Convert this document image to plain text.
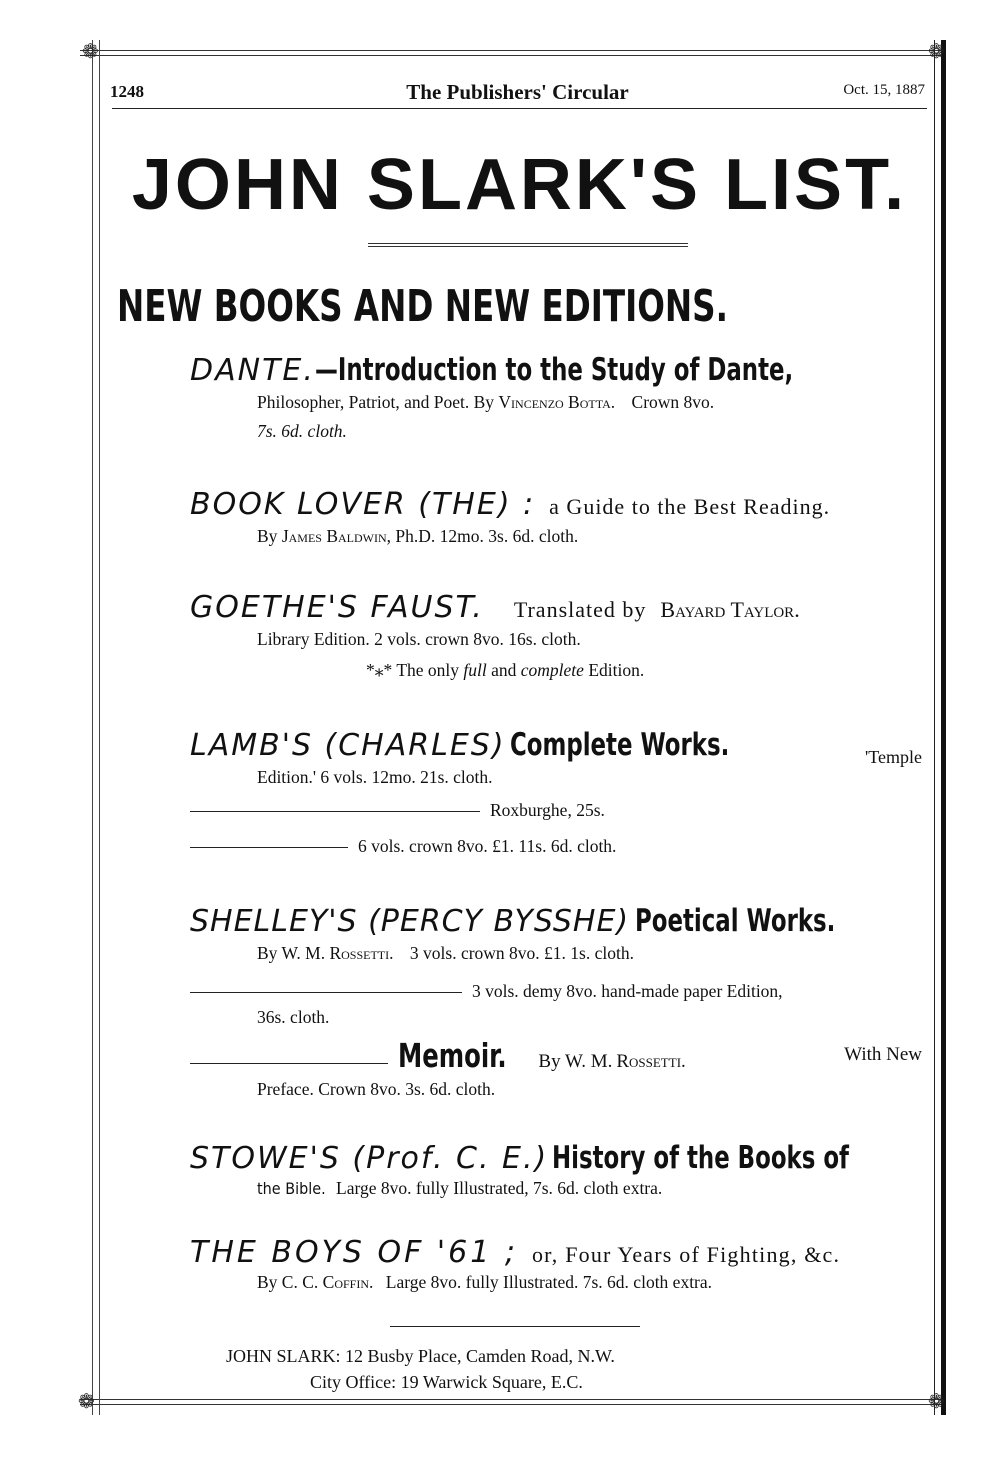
❁	❁
❁	❁
1248	The Publishers' Circular	Oct. 15, 1887
JOHN SLARK'S LIST.
NEW BOOKS AND NEW EDITIONS.
DANTE.—Introduction to the Study of Dante,
Philosopher, Patriot, and Poet. By Vincenzo Botta. Crown 8vo.
7s. 6d. cloth.
BOOK LOVER (THE) : a Guide to the Best Reading.
By James Baldwin, Ph.D. 12mo. 3s. 6d. cloth.
GOETHE'S FAUST. Translated by Bayard Taylor.
Library Edition. 2 vols. crown 8vo. 16s. cloth.
*⁎* The only full and complete Edition.
LAMB'S (CHARLES) Complete Works.	'Temple
Edition.' 6 vols. 12mo. 21s. cloth.
Roxburghe, 25s.
6 vols. crown 8vo. £1. 11s. 6d. cloth.
SHELLEY'S (PERCY BYSSHE) Poetical Works.
By W. M. Rossetti. 3 vols. crown 8vo. £1. 1s. cloth.
3 vols. demy 8vo. hand-made paper Edition,
36s. cloth.
Memoir. By W. M. Rossetti.	With New
Preface. Crown 8vo. 3s. 6d. cloth.
STOWE'S (Prof. C. E.) History of the Books of
the Bible. Large 8vo. fully Illustrated, 7s. 6d. cloth extra.
THE BOYS OF '61 ; or, Four Years of Fighting, &c.
By C. C. Coffin. Large 8vo. fully Illustrated. 7s. 6d. cloth extra.
JOHN SLARK: 12 Busby Place, Camden Road, N.W.
City Office: 19 Warwick Square, E.C.
